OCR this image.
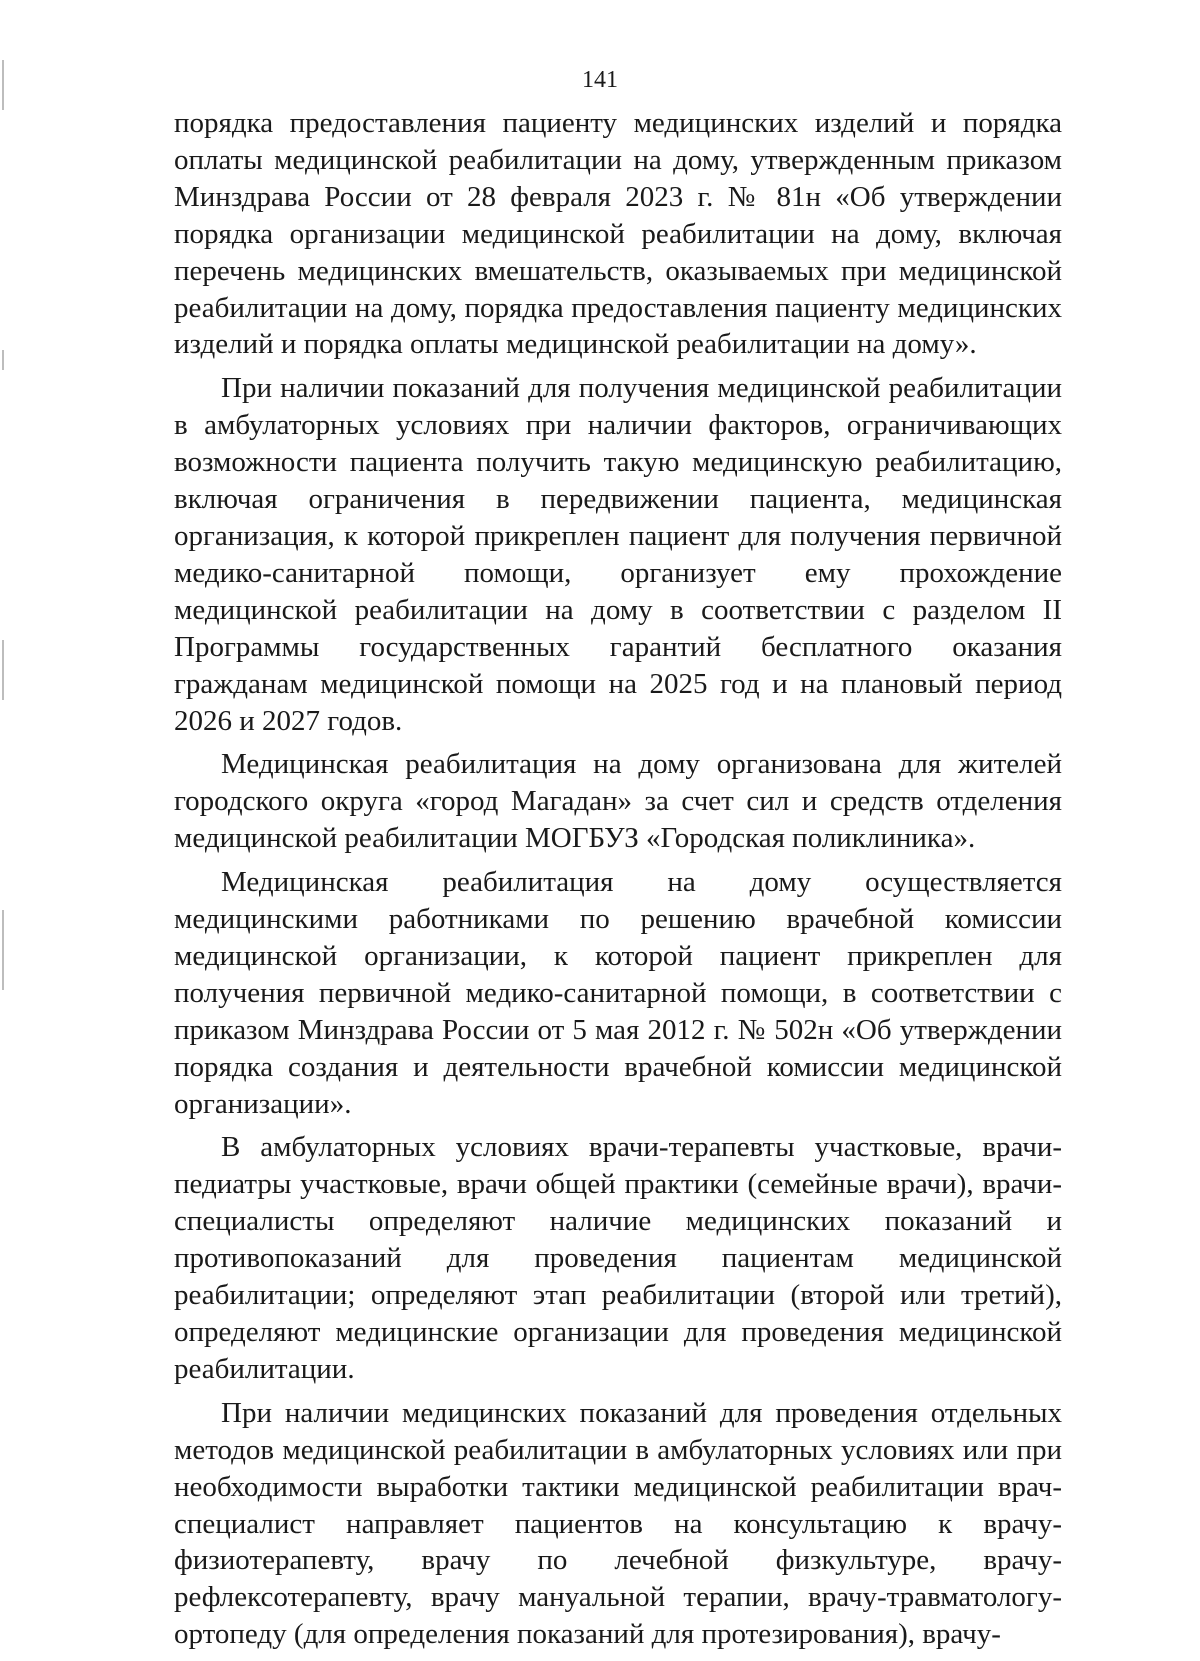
141

порядка предоставления пациенту медицинских изделий и порядка оплаты медицинской реабилитации на дому, утвержденным приказом Минздрава России от 28 февраля 2023 г. № 81н «Об утверждении порядка организации медицинской реабилитации на дому, включая перечень медицинских вмешательств, оказываемых при медицинской реабилитации на дому, порядка предоставления пациенту медицинских изделий и порядка оплаты медицинской реабилитации на дому».

При наличии показаний для получения медицинской реабилитации в амбулаторных условиях при наличии факторов, ограничивающих возможности пациента получить такую медицинскую реабилитацию, включая ограничения в передвижении пациента, медицинская организация, к которой прикреплен пациент для получения первичной медико-санитарной помощи, организует ему прохождение медицинской реабилитации на дому в соответствии с разделом II Программы государственных гарантий бесплатного оказания гражданам медицинской помощи на 2025 год и на плановый период 2026 и 2027 годов.

Медицинская реабилитация на дому организована для жителей городского округа «город Магадан» за счет сил и средств отделения медицинской реабилитации МОГБУЗ «Городская поликлиника».

Медицинская реабилитация на дому осуществляется медицинскими работниками по решению врачебной комиссии медицинской организации, к которой пациент прикреплен для получения первичной медико-санитарной помощи, в соответствии с приказом Минздрава России от 5 мая 2012 г. № 502н «Об утверждении порядка создания и деятельности врачебной комиссии медицинской организации».

В амбулаторных условиях врачи-терапевты участковые, врачи-педиатры участковые, врачи общей практики (семейные врачи), врачи-специалисты определяют наличие медицинских показаний и противопоказаний для проведения пациентам медицинской реабилитации; определяют этап реабилитации (второй или третий), определяют медицинские организации для проведения медицинской реабилитации.

При наличии медицинских показаний для проведения отдельных методов медицинской реабилитации в амбулаторных условиях или при необходимости выработки тактики медицинской реабилитации врач-специалист направляет пациентов на консультацию к врачу-физиотерапевту, врачу по лечебной физкультуре, врачу-рефлексотерапевту, врачу мануальной терапии, врачу-травматологу-ортопеду (для определения показаний для протезирования), врачу-
